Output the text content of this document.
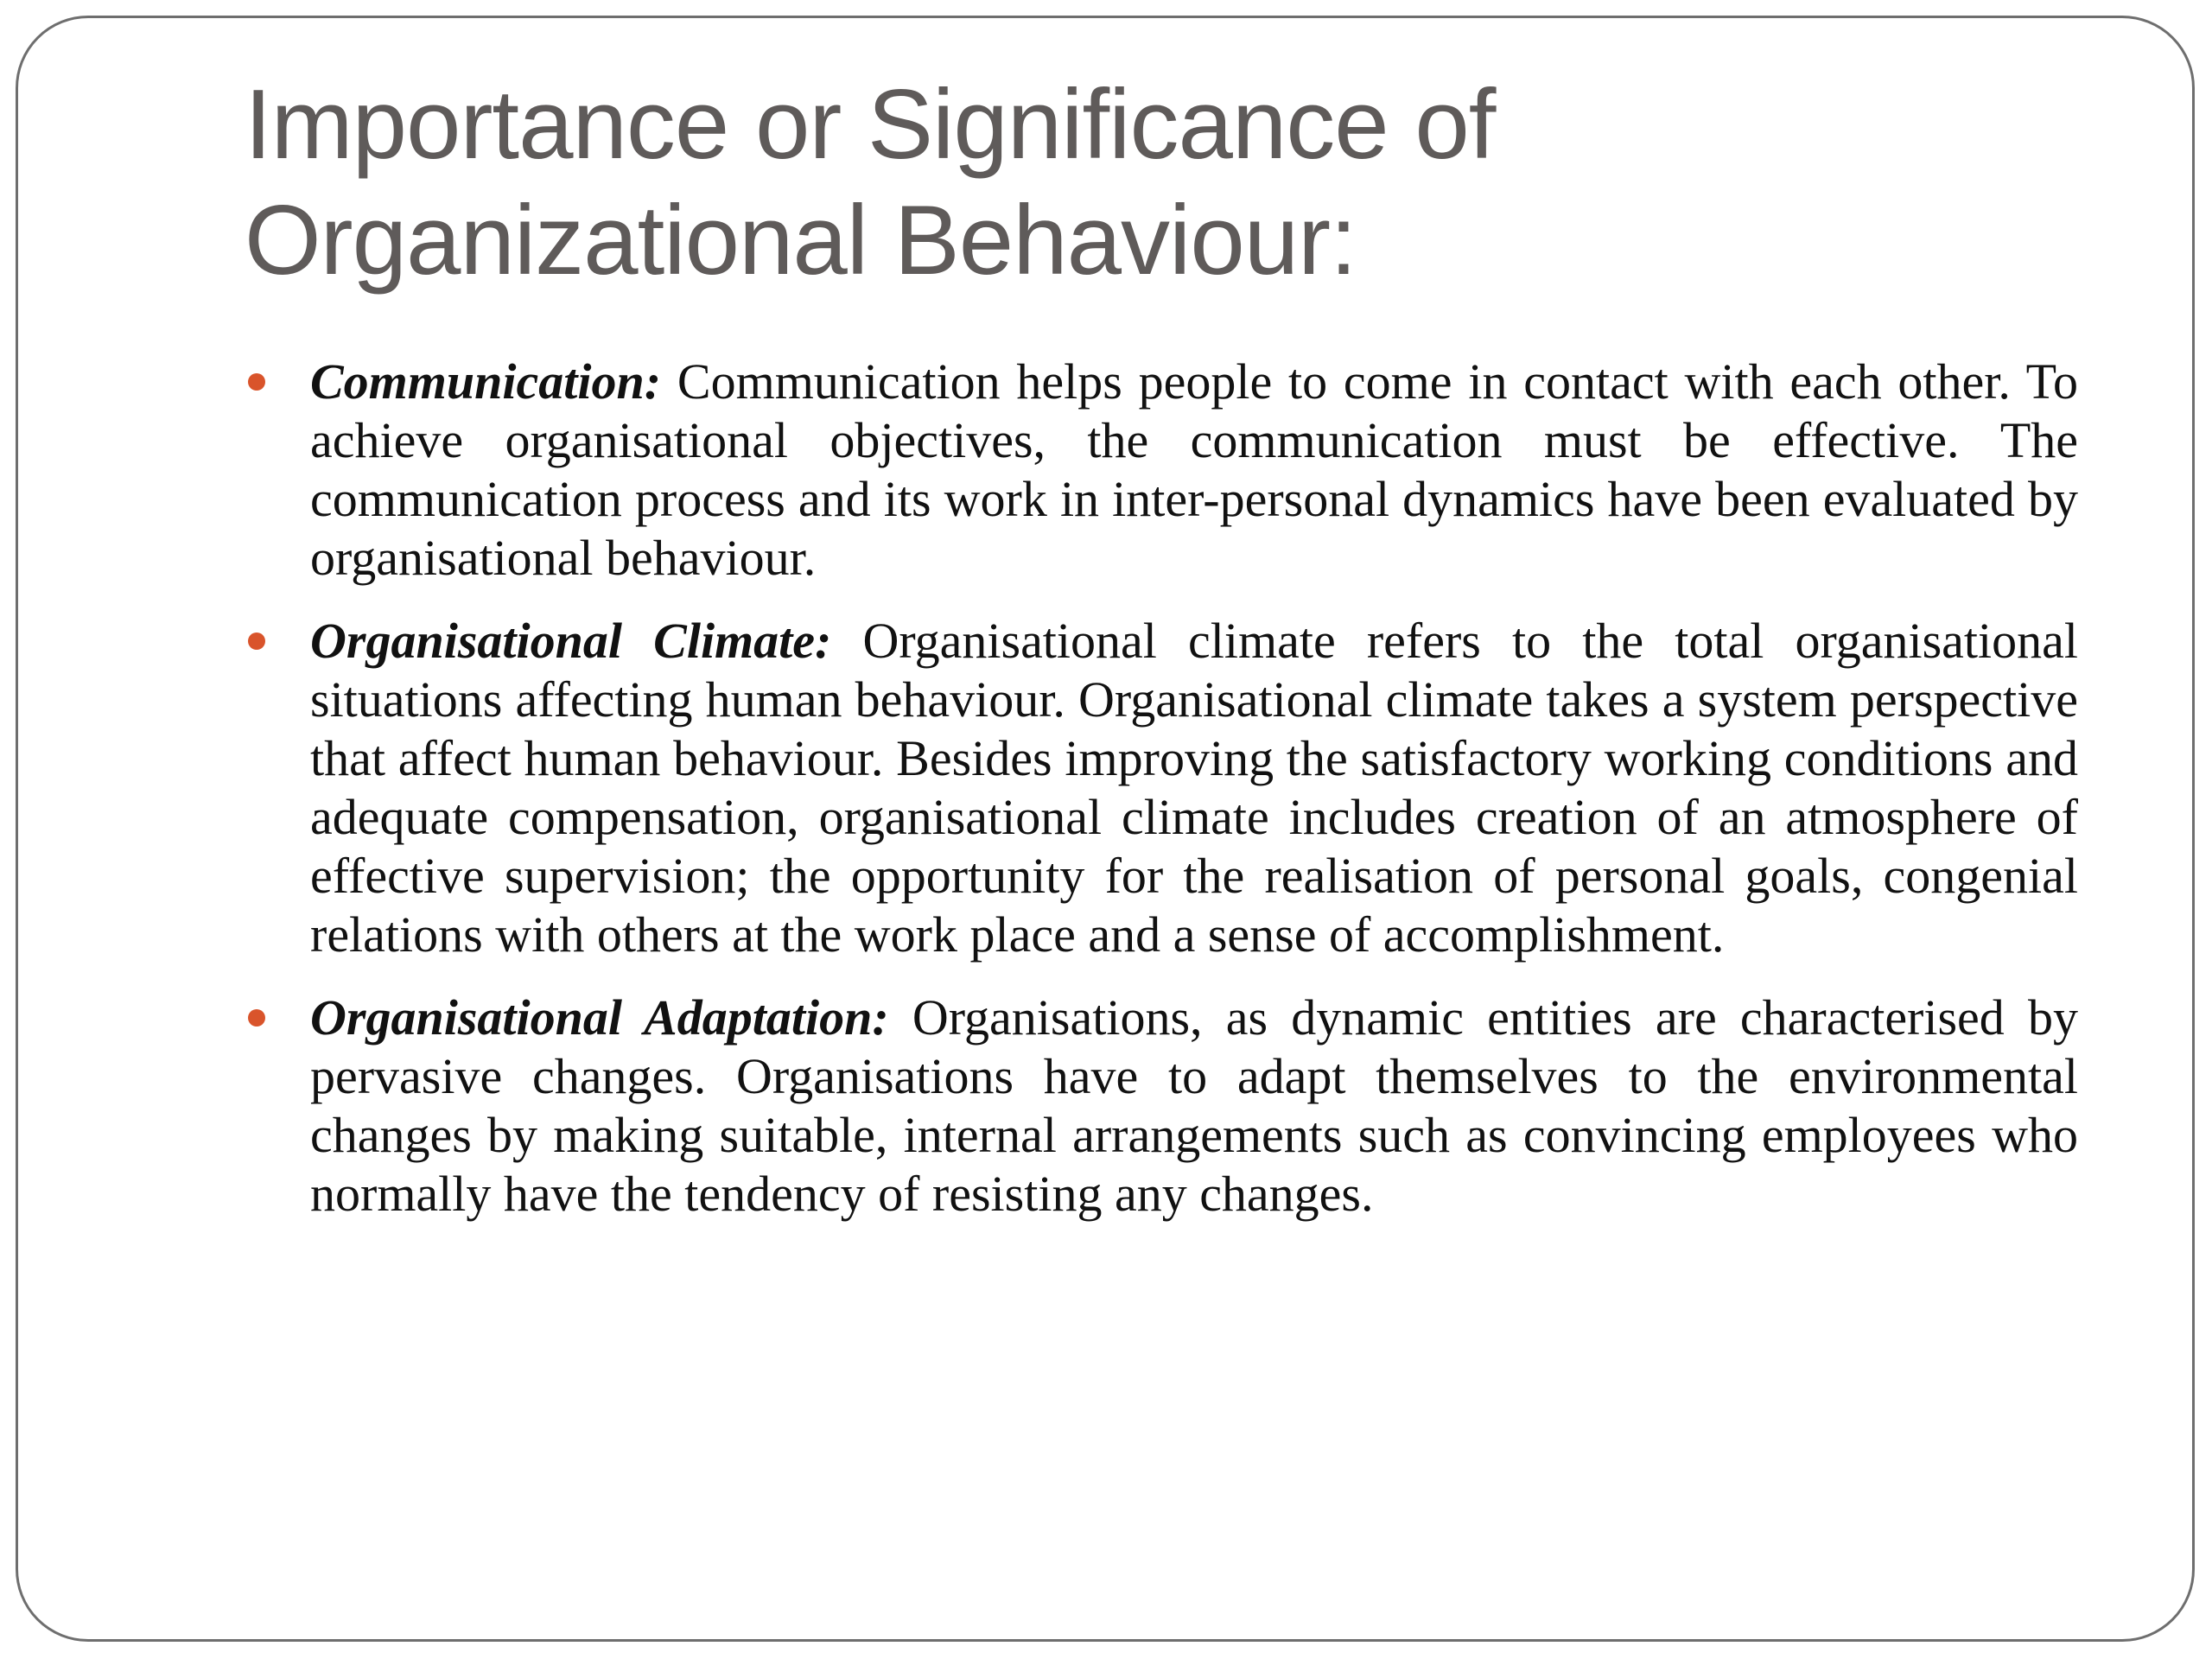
Importance or Significance of Organizational Behaviour:
Communication: Communication helps people to come in contact with each other. To achieve organisational objectives, the communication must be effective. The communication process and its work in inter-personal dynamics have been evaluated by organisational behaviour.
Organisational Climate: Organisational climate refers to the total organisational situations affecting human behaviour. Organisational climate takes a system perspective that affect human behaviour. Besides improving the satisfactory working conditions and adequate compensation, organisational climate includes creation of an atmosphere of effective supervision; the opportunity for the realisation of personal goals, congenial relations with others at the work place and a sense of accomplishment.
Organisational Adaptation: Organisations, as dynamic entities are characterised by pervasive changes. Organisations have to adapt themselves to the environmental changes by making suitable, internal arrangements such as convincing employees who normally have the tendency of resisting any changes.
